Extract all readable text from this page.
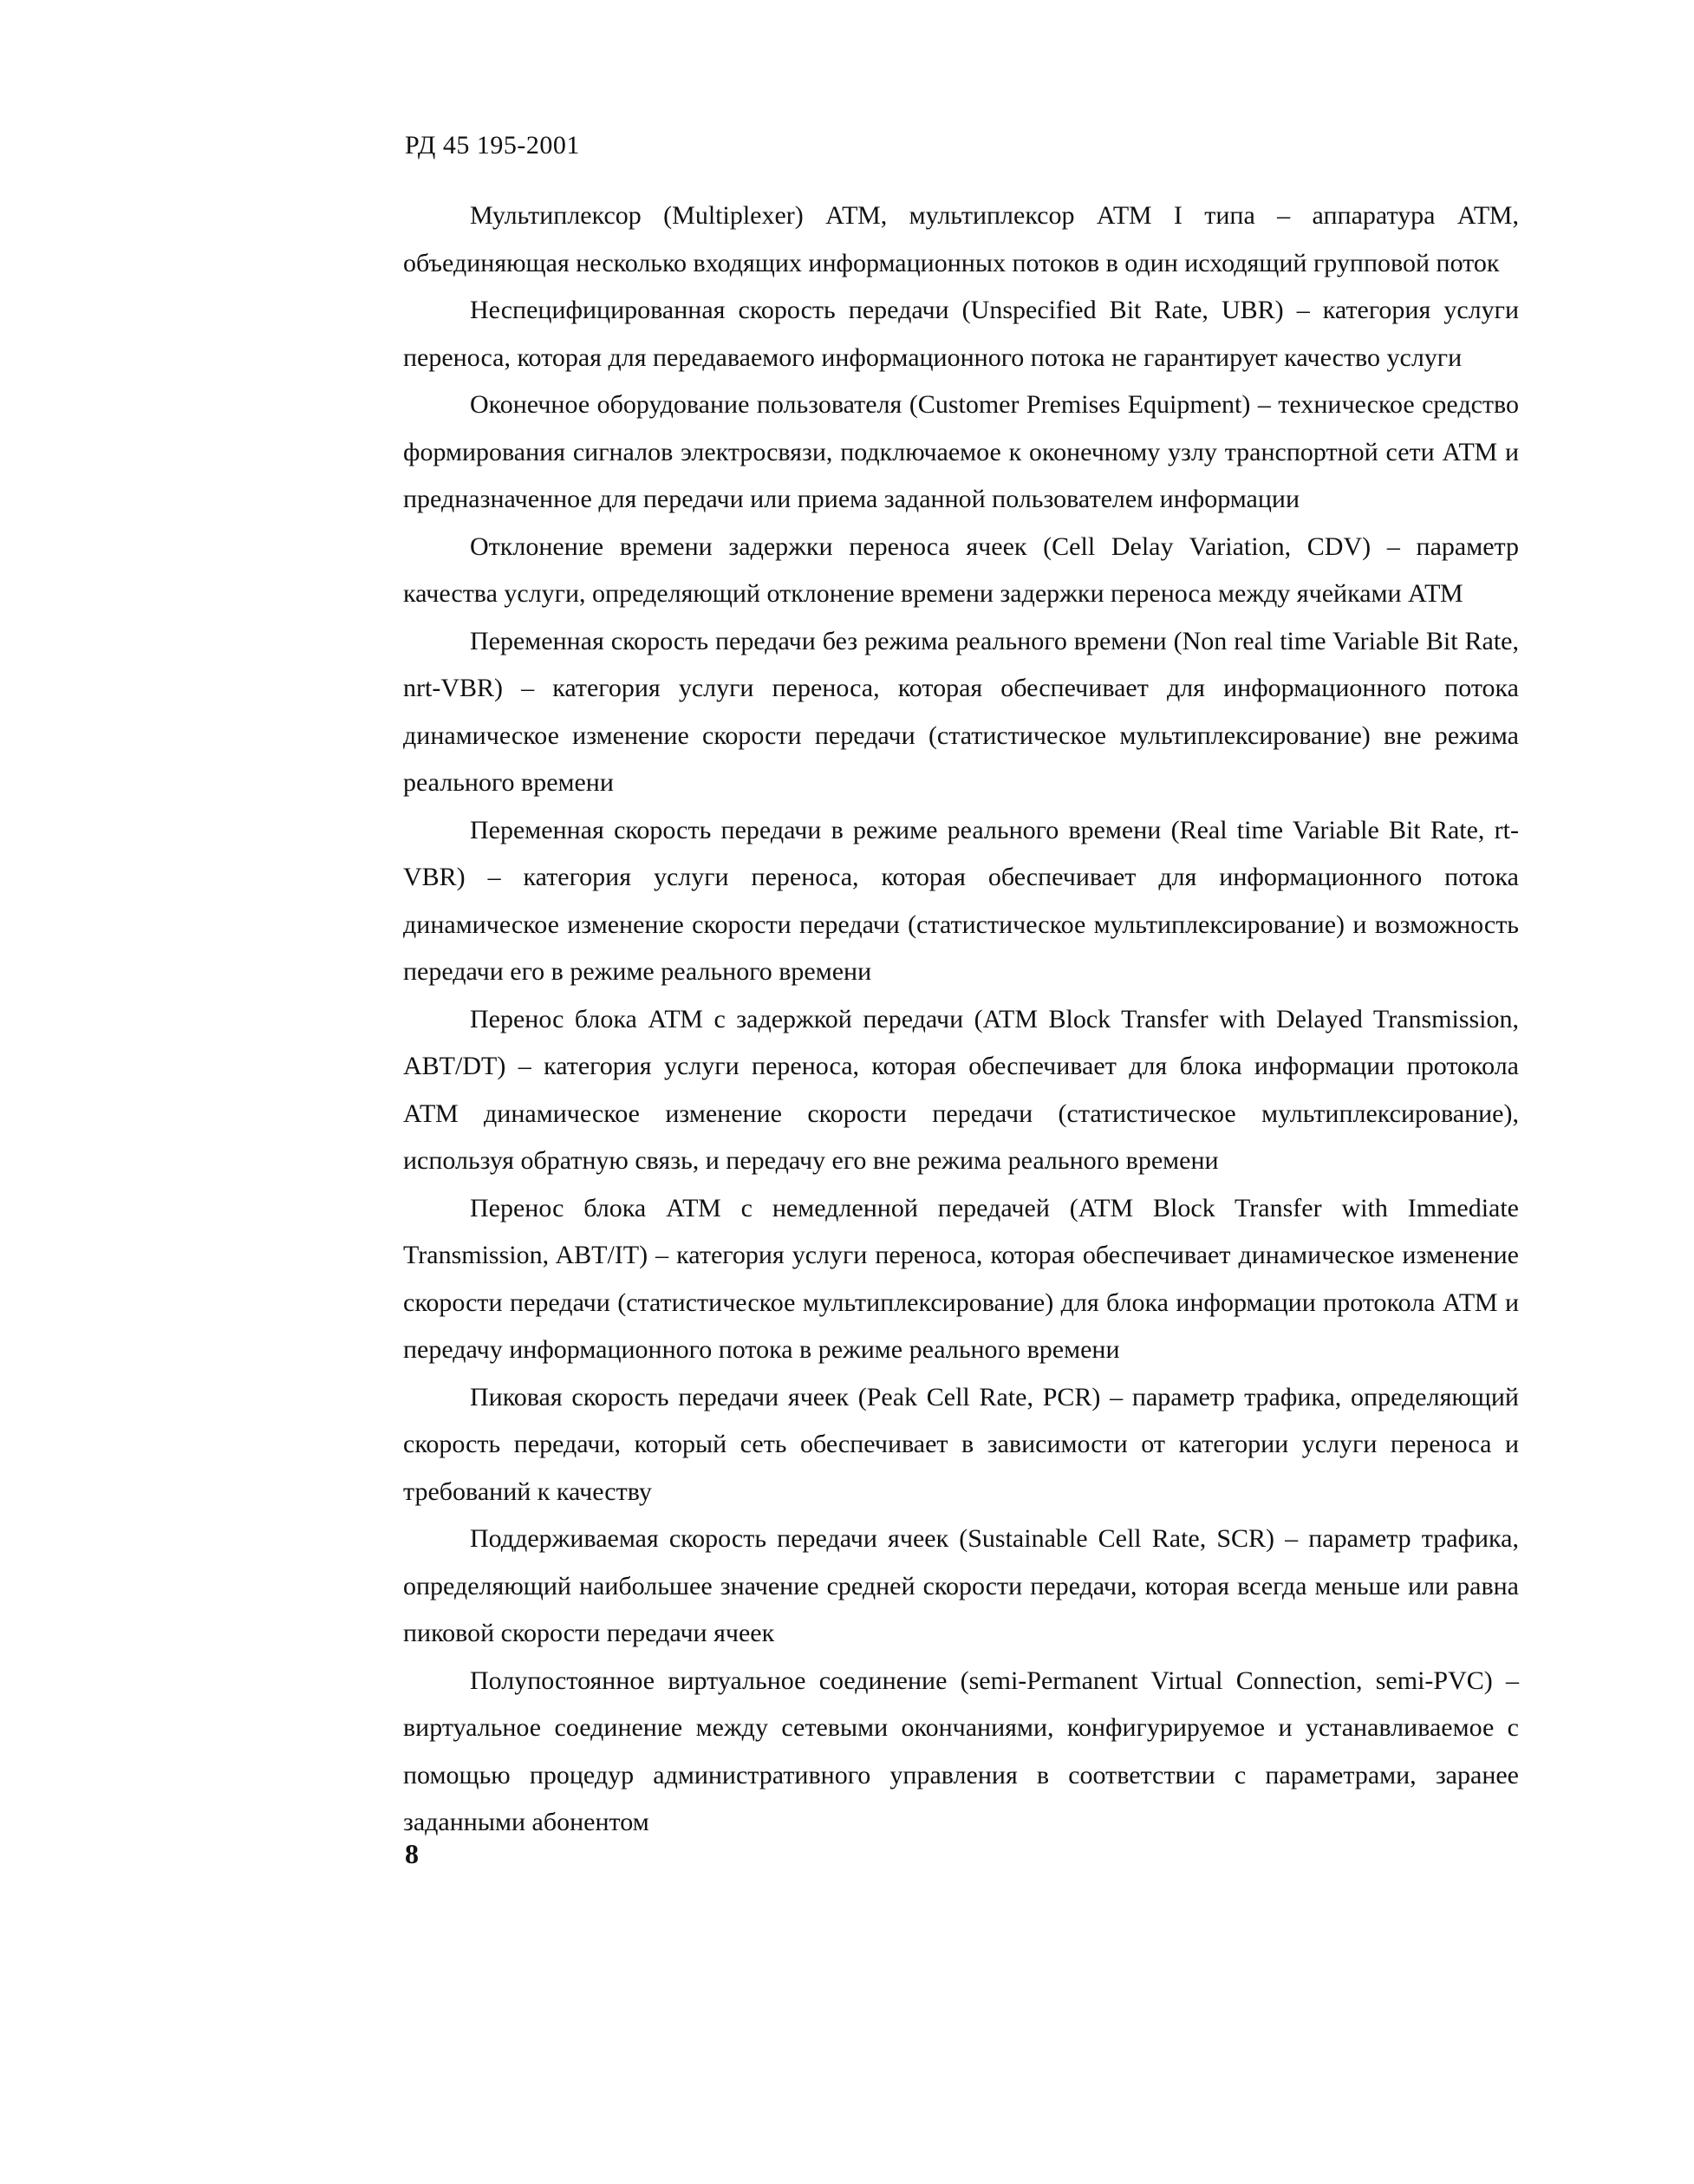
РД 45 195-2001

Мультиплексор (Multiplexer) АТМ, мультиплексор АТМ I типа – аппаратура АТМ, объединяющая несколько входящих информационных потоков в один исходящий групповой поток

Неспецифицированная скорость передачи (Unspecified Bit Rate, UBR) – категория услуги переноса, которая для передаваемого информационного потока не гарантирует качество услуги

Оконечное оборудование пользователя (Customer Premises Equipment) – техническое средство формирования сигналов электросвязи, подключаемое к оконечному узлу транспортной сети АТМ и предназначенное для передачи или приема заданной пользователем информации

Отклонение времени задержки переноса ячеек (Cell Delay Variation, CDV) – параметр качества услуги, определяющий отклонение времени задержки переноса между ячейками АТМ

Переменная скорость передачи без режима реального времени (Non real time Variable Bit Rate, nrt-VBR) – категория услуги переноса, которая обеспечивает для информационного потока динамическое изменение скорости передачи (статистическое мультиплексирование) вне режима реального времени

Переменная скорость передачи в режиме реального времени (Real time Variable Bit Rate, rt-VBR) – категория услуги переноса, которая обеспечивает для информационного потока динамическое изменение скорости передачи (статистическое мультиплексирование) и возможность передачи его в режиме реального времени

Перенос блока АТМ с задержкой передачи (ATM Block Transfer with Delayed Transmission, ABT/DT) – категория услуги переноса, которая обеспечивает для блока информации протокола АТМ динамическое изменение скорости передачи (статистическое мультиплексирование), используя обратную связь, и передачу его вне режима реального времени

Перенос блока АТМ с немедленной передачей (ATM Block Transfer with Immediate Transmission, ABT/IT) – категория услуги переноса, которая обеспечивает динамическое изменение скорости передачи (статистическое мультиплексирование) для блока информации протокола АТМ и передачу информационного потока в режиме реального времени

Пиковая скорость передачи ячеек (Peak Cell Rate, PCR) – параметр трафика, определяющий скорость передачи, который сеть обеспечивает в зависимости от категории услуги переноса и требований к качеству

Поддерживаемая скорость передачи ячеек (Sustainable Cell Rate, SCR) – параметр трафика, определяющий наибольшее значение средней скорости передачи, которая всегда меньше или равна пиковой скорости передачи ячеек

Полупостоянное виртуальное соединение (semi-Permanent Virtual Connection, semi-PVC) – виртуальное соединение между сетевыми окончаниями, конфигурируемое и устанавливаемое с помощью процедур административного управления в соответствии с параметрами, заранее заданными абонентом

8
